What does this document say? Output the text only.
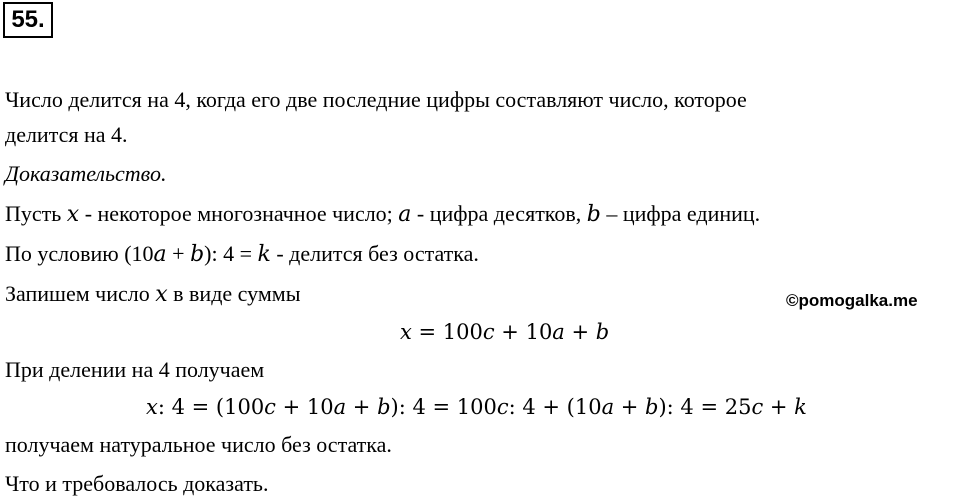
55.
Число делится на 4, когда его две последние цифры составляют число, которое
делится на 4.
Доказательство.
Пусть 𝑥 - некоторое многозначное число; 𝑎 - цифра десятков, 𝑏 – цифра единиц.
По условию (10𝑎 + 𝑏): 4 = 𝑘 - делится без остатка.
Запишем число 𝑥 в виде суммы	©pomogalka.me
𝑥 = 100𝑐 + 10𝑎 + 𝑏
При делении на 4 получаем
𝑥: 4 = (100𝑐 + 10𝑎 + 𝑏): 4 = 100𝑐: 4 + (10𝑎 + 𝑏): 4 = 25𝑐 + 𝑘
получаем натуральное число без остатка.
Что и требовалось доказать.
